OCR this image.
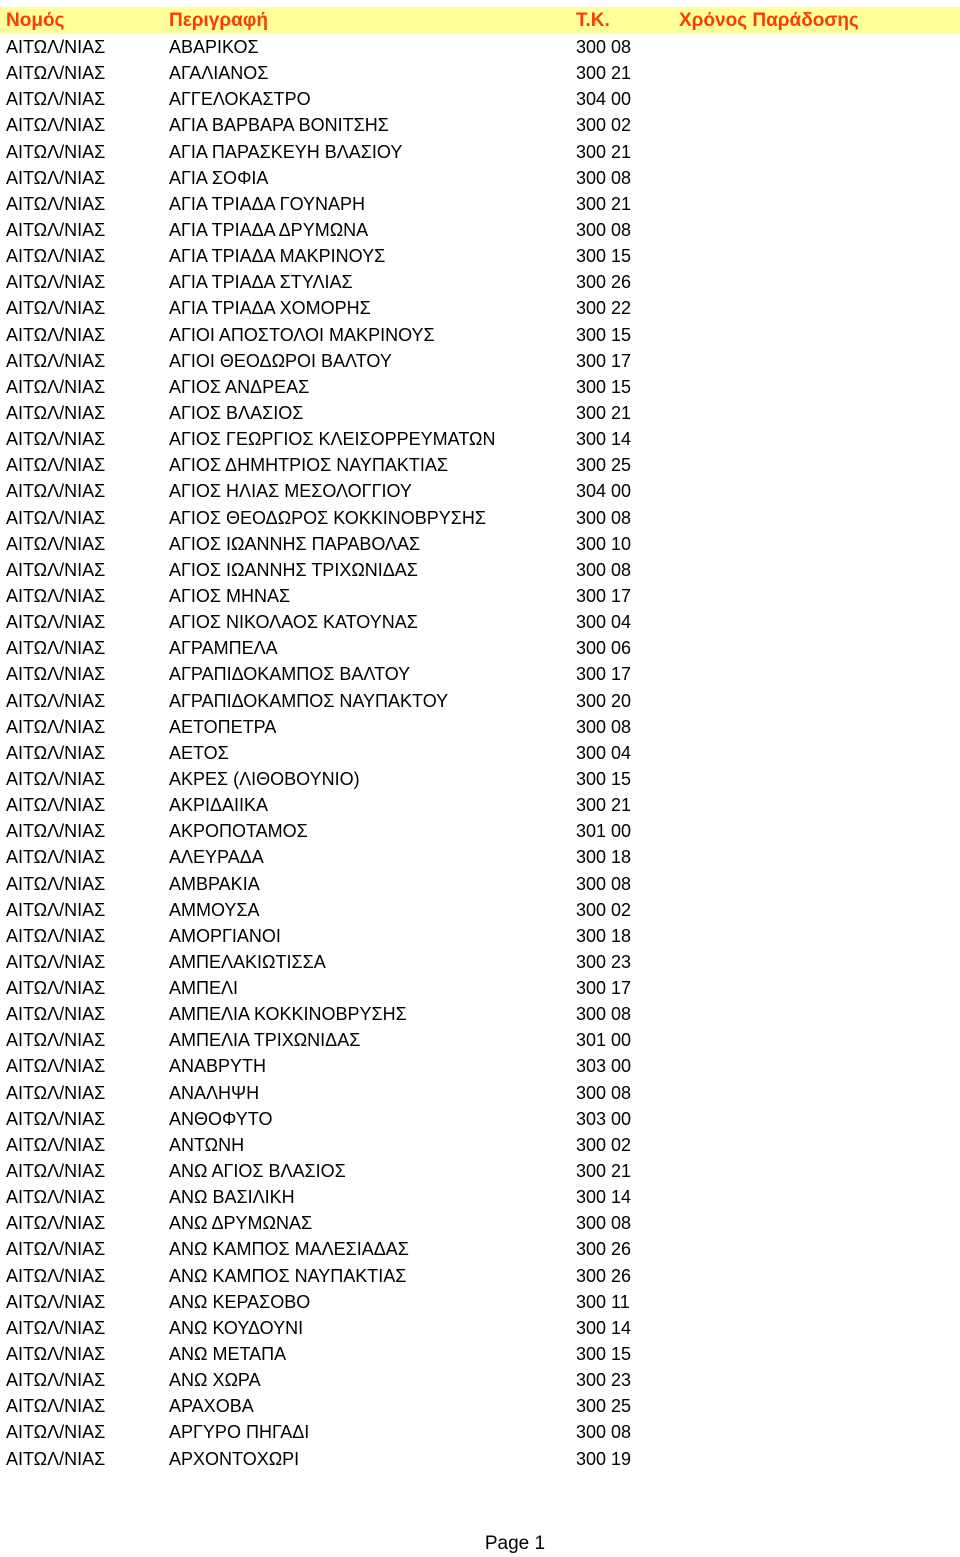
Νομός	Περιγραφή	Τ.Κ.	Χρόνος Παράδοσης
ΑΙΤΩΛ/ΝΙΑΣ	ΑΒΑΡΙΚΟΣ	300 08
ΑΙΤΩΛ/ΝΙΑΣ	ΑΓΑΛΙΑΝΟΣ	300 21
ΑΙΤΩΛ/ΝΙΑΣ	ΑΓΓΕΛΟΚΑΣΤΡΟ	304 00
ΑΙΤΩΛ/ΝΙΑΣ	ΑΓΙΑ ΒΑΡΒΑΡΑ ΒΟΝΙΤΣΗΣ	300 02
ΑΙΤΩΛ/ΝΙΑΣ	ΑΓΙΑ ΠΑΡΑΣΚΕΥΗ ΒΛΑΣΙΟΥ	300 21
ΑΙΤΩΛ/ΝΙΑΣ	ΑΓΙΑ ΣΟΦΙΑ	300 08
ΑΙΤΩΛ/ΝΙΑΣ	ΑΓΙΑ ΤΡΙΑΔΑ ΓΟΥΝΑΡΗ	300 21
ΑΙΤΩΛ/ΝΙΑΣ	ΑΓΙΑ ΤΡΙΑΔΑ ΔΡΥΜΩΝΑ	300 08
ΑΙΤΩΛ/ΝΙΑΣ	ΑΓΙΑ ΤΡΙΑΔΑ ΜΑΚΡΙΝΟΥΣ	300 15
ΑΙΤΩΛ/ΝΙΑΣ	ΑΓΙΑ ΤΡΙΑΔΑ ΣΤΥΛΙΑΣ	300 26
ΑΙΤΩΛ/ΝΙΑΣ	ΑΓΙΑ ΤΡΙΑΔΑ ΧΟΜΟΡΗΣ	300 22
ΑΙΤΩΛ/ΝΙΑΣ	ΑΓΙΟΙ ΑΠΟΣΤΟΛΟΙ ΜΑΚΡΙΝΟΥΣ	300 15
ΑΙΤΩΛ/ΝΙΑΣ	ΑΓΙΟΙ ΘΕΟΔΩΡΟΙ ΒΑΛΤΟΥ	300 17
ΑΙΤΩΛ/ΝΙΑΣ	ΑΓΙΟΣ ΑΝΔΡΕΑΣ	300 15
ΑΙΤΩΛ/ΝΙΑΣ	ΑΓΙΟΣ ΒΛΑΣΙΟΣ	300 21
ΑΙΤΩΛ/ΝΙΑΣ	ΑΓΙΟΣ ΓΕΩΡΓΙΟΣ ΚΛΕΙΣΟΡΡΕΥΜΑΤΩΝ	300 14
ΑΙΤΩΛ/ΝΙΑΣ	ΑΓΙΟΣ ΔΗΜΗΤΡΙΟΣ ΝΑΥΠΑΚΤΙΑΣ	300 25
ΑΙΤΩΛ/ΝΙΑΣ	ΑΓΙΟΣ ΗΛΙΑΣ ΜΕΣΟΛΟΓΓΙΟΥ	304 00
ΑΙΤΩΛ/ΝΙΑΣ	ΑΓΙΟΣ ΘΕΟΔΩΡΟΣ ΚΟΚΚΙΝΟΒΡΥΣΗΣ	300 08
ΑΙΤΩΛ/ΝΙΑΣ	ΑΓΙΟΣ ΙΩΑΝΝΗΣ ΠΑΡΑΒΟΛΑΣ	300 10
ΑΙΤΩΛ/ΝΙΑΣ	ΑΓΙΟΣ ΙΩΑΝΝΗΣ ΤΡΙΧΩΝΙΔΑΣ	300 08
ΑΙΤΩΛ/ΝΙΑΣ	ΑΓΙΟΣ ΜΗΝΑΣ	300 17
ΑΙΤΩΛ/ΝΙΑΣ	ΑΓΙΟΣ ΝΙΚΟΛΑΟΣ ΚΑΤΟΥΝΑΣ	300 04
ΑΙΤΩΛ/ΝΙΑΣ	ΑΓΡΑΜΠΕΛΑ	300 06
ΑΙΤΩΛ/ΝΙΑΣ	ΑΓΡΑΠΙΔΟΚΑΜΠΟΣ ΒΑΛΤΟΥ	300 17
ΑΙΤΩΛ/ΝΙΑΣ	ΑΓΡΑΠΙΔΟΚΑΜΠΟΣ ΝΑΥΠΑΚΤΟΥ	300 20
ΑΙΤΩΛ/ΝΙΑΣ	ΑΕΤΟΠΕΤΡΑ	300 08
ΑΙΤΩΛ/ΝΙΑΣ	ΑΕΤΟΣ	300 04
ΑΙΤΩΛ/ΝΙΑΣ	ΑΚΡΕΣ (ΛΙΘΟΒΟΥΝΙΟ)	300 15
ΑΙΤΩΛ/ΝΙΑΣ	ΑΚΡΙΔΑΙΙΚΑ	300 21
ΑΙΤΩΛ/ΝΙΑΣ	ΑΚΡΟΠΟΤΑΜΟΣ	301 00
ΑΙΤΩΛ/ΝΙΑΣ	ΑΛΕΥΡΑΔΑ	300 18
ΑΙΤΩΛ/ΝΙΑΣ	ΑΜΒΡΑΚΙΑ	300 08
ΑΙΤΩΛ/ΝΙΑΣ	ΑΜΜΟΥΣΑ	300 02
ΑΙΤΩΛ/ΝΙΑΣ	ΑΜΟΡΓΙΑΝΟΙ	300 18
ΑΙΤΩΛ/ΝΙΑΣ	ΑΜΠΕΛΑΚΙΩΤΙΣΣΑ	300 23
ΑΙΤΩΛ/ΝΙΑΣ	ΑΜΠΕΛΙ	300 17
ΑΙΤΩΛ/ΝΙΑΣ	ΑΜΠΕΛΙΑ ΚΟΚΚΙΝΟΒΡΥΣΗΣ	300 08
ΑΙΤΩΛ/ΝΙΑΣ	ΑΜΠΕΛΙΑ ΤΡΙΧΩΝΙΔΑΣ	301 00
ΑΙΤΩΛ/ΝΙΑΣ	ΑΝΑΒΡΥΤΗ	303 00
ΑΙΤΩΛ/ΝΙΑΣ	ΑΝΑΛΗΨΗ	300 08
ΑΙΤΩΛ/ΝΙΑΣ	ΑΝΘΟΦΥΤΟ	303 00
ΑΙΤΩΛ/ΝΙΑΣ	ΑΝΤΩΝΗ	300 02
ΑΙΤΩΛ/ΝΙΑΣ	ΑΝΩ ΑΓΙΟΣ ΒΛΑΣΙΟΣ	300 21
ΑΙΤΩΛ/ΝΙΑΣ	ΑΝΩ ΒΑΣΙΛΙΚΗ	300 14
ΑΙΤΩΛ/ΝΙΑΣ	ΑΝΩ ΔΡΥΜΩΝΑΣ	300 08
ΑΙΤΩΛ/ΝΙΑΣ	ΑΝΩ ΚΑΜΠΟΣ ΜΑΛΕΣΙΑΔΑΣ	300 26
ΑΙΤΩΛ/ΝΙΑΣ	ΑΝΩ ΚΑΜΠΟΣ ΝΑΥΠΑΚΤΙΑΣ	300 26
ΑΙΤΩΛ/ΝΙΑΣ	ΑΝΩ ΚΕΡΑΣΟΒΟ	300 11
ΑΙΤΩΛ/ΝΙΑΣ	ΑΝΩ ΚΟΥΔΟΥΝΙ	300 14
ΑΙΤΩΛ/ΝΙΑΣ	ΑΝΩ ΜΕΤΑΠΑ	300 15
ΑΙΤΩΛ/ΝΙΑΣ	ΑΝΩ ΧΩΡΑ	300 23
ΑΙΤΩΛ/ΝΙΑΣ	ΑΡΑΧΟΒΑ	300 25
ΑΙΤΩΛ/ΝΙΑΣ	ΑΡΓΥΡΟ ΠΗΓΑΔΙ	300 08
ΑΙΤΩΛ/ΝΙΑΣ	ΑΡΧΟΝΤΟΧΩΡΙ	300 19
Page 1
